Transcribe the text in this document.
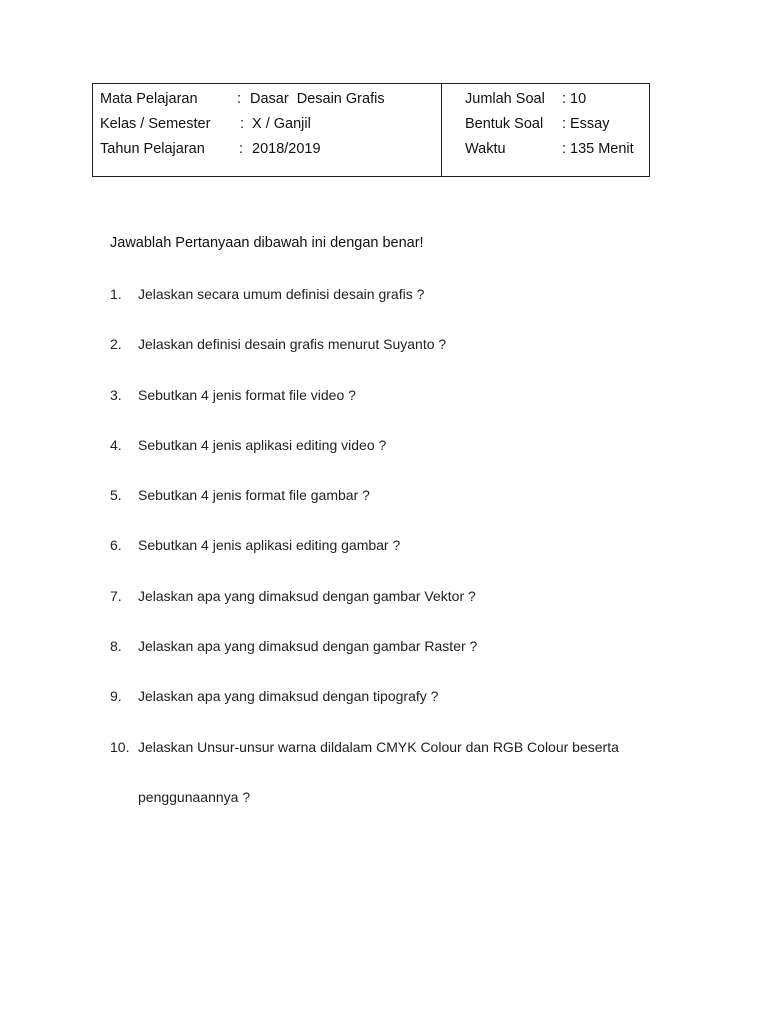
Mata Pelajaran	: Dasar  Desain Grafis
Kelas / Semester : X / Ganjil
Tahun Pelajaran : 2018/2019
Jumlah Soal : 10
Bentuk Soal : Essay
Waktu	: 135 Menit
Jawablah Pertanyaan dibawah ini dengan benar!
1. Jelaskan secara umum definisi desain grafis ?
2. Jelaskan definisi desain grafis menurut Suyanto ?
3. Sebutkan 4 jenis format file video ?
4. Sebutkan 4 jenis aplikasi editing video ?
5. Sebutkan 4 jenis format file gambar ?
6. Sebutkan 4 jenis aplikasi editing gambar ?
7. Jelaskan apa yang dimaksud dengan gambar Vektor ?
8. Jelaskan apa yang dimaksud dengan gambar Raster ?
9. Jelaskan apa yang dimaksud dengan tipografy ?
10. Jelaskan Unsur-unsur warna dildalam CMYK Colour dan RGB Colour beserta
penggunaannya ?
